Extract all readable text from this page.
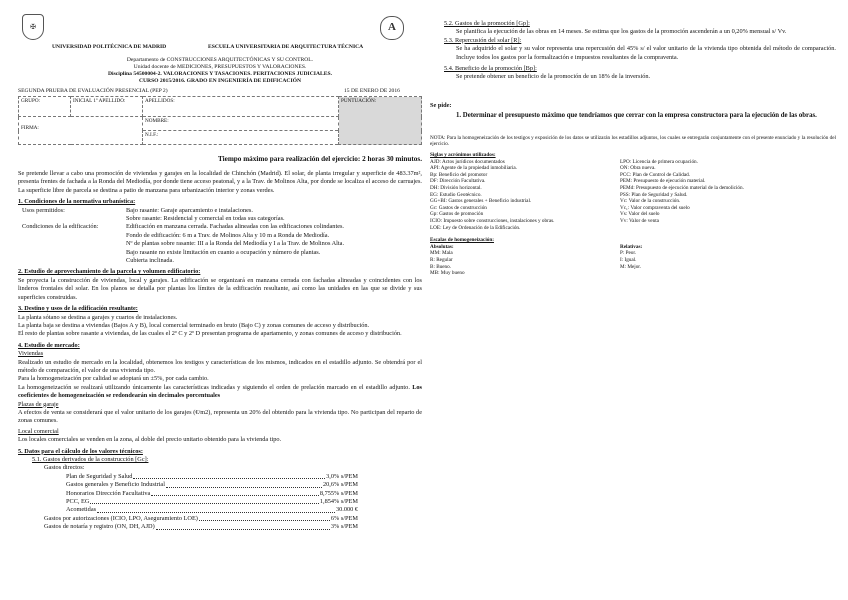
✠	A
UNIVERSIDAD POLITÉCNICA DE MADRID	ESCUELA UNIVERSITARIA DE ARQUITECTURA TÉCNICA
Departamento de CONSTRUCCIONES ARQUITECTÓNICAS Y SU CONTROL.
Unidad docente de MEDICIONES, PRESUPUESTOS Y VALORACIONES.
Disciplina 54500004-2. VALORACIONES Y TASACIONES. PERITACIONES JUDICIALES.
CURSO 2015/2016. GRADO EN INGENIERÍA DE EDIFICACIÓN
SEGUNDA PRUEBA DE EVALUACIÓN PRESENCIAL (PEP 2)	15 DE ENERO DE 2016
GRUPO:	INICIAL 1º APELLIDO:	APELLIDOS:	PUNTUACIÓN:

FIRMA:		NOMBRE:	
		N.I.F.:	
Tiempo máximo para realización del ejercicio: 2 horas 30 minutos.

Se pretende llevar a cabo una promoción de viviendas y garajes en la localidad de Chinchón (Madrid). El solar, de planta irregular y superficie de 483.37m², presenta frentes de fachada a la Ronda del Mediodía, por donde tiene acceso peatonal, y a la Trav. de Molinos Alta, por donde se localiza el acceso de carruajes. La superficie libre de parcela se destina a patio de manzana para urbanización interior y zonas verdes.

1. Condiciones de la normativa urbanística:

Usos permitidos:	Bajo rasante: Garaje aparcamiento e instalaciones.
Sobre rasante: Residencial y comercial en todas sus categorías.
Condiciones de la edificación:	Edificación en manzana cerrada. Fachadas alineadas con las edificaciones colindantes.
Fondo de edificación: 6 m a Trav. de Molinos Alta y 10 m a Ronda de Mediodía.
Nº de plantas sobre rasante: III a la Ronda del Mediodía y I a la Trav. de Molinos Alta.
Bajo rasante no existe limitación en cuanto a ocupación y número de plantas.
Cubierta inclinada.

2. Estudio de aprovechamiento de la parcela y volumen edificatorio:

Se proyecta la construcción de viviendas, local y garajes. La edificación se organizará en manzana cerrada con fachadas alineadas y coincidentes con los linderos frontales del solar. En los planos se detalla por plantas los límites de la edificación resultante, así como las unidades en las que se divide y sus superficies construidas.

3. Destino y usos de la edificación resultante:

La planta sótano se destina a garajes y cuartos de instalaciones.

La planta baja se destina a viviendas (Bajos A y B), local comercial terminado en bruto (Bajo C) y zonas comunes de acceso y distribución.

El resto de plantas sobre rasante a viviendas, de las cuales el 2º C y 2º D presentan programa de apartamento, y zonas comunes de acceso y distribución.

4. Estudio de mercado:

Viviendas

Realizado un estudio de mercado en la localidad, obtenemos los testigos y características de los mismos, indicados en el estadillo adjunto. Se obtendrá por el método de comparación, el valor de una vivienda tipo.

Para la homogeneización por calidad se adoptará un ±5%, por cada cambio.

La homogeneización se realizará utilizando únicamente las características indicadas y siguiendo el orden de prelación marcado en el estadillo adjunto. Los coeficientes de homogeneización se redondearán sin decimales porcentuales

Plazas de garaje

A efectos de venta se considerará que el valor unitario de los garajes (€/m2), representa un 20% del obtenido para la vivienda tipo. No participan del reparto de zonas comunes.

Local comercial

Los locales comerciales se venden en la zona, al doble del precio unitario obtenido para la vivienda tipo.

5. Datos para el cálculo de los valores técnicos:

5.1. Gastos derivados de la construcción [Gc]:

Gastos directos:

Plan de Seguridad y Salud	3,0% s/PEM
Gastos generales y Beneficio Industrial	20,6% s/PEM
Honorarios Dirección Facultativa	8,755% s/PEM
PCC, EG	1,854% s/PEM
Acometidas	30.000 €
Gastos por autorizaciones (ICIO, LPO, Aseguramiento LOE)	6% s/PEM
Gastos de notaría y registro (ON, DH, AJD)	3% s/PEM

5.2. Gastos de la promoción [Gp]:

Se planifica la ejecución de las obras en 14 meses. Se estima que los gastos de la promoción ascenderán a un 0,20% mensual s/ Vv.

5.3. Repercusión del solar [R]:

Se ha adquirido el solar y su valor representa una repercusión del 45% s/ el valor unitario de la vivienda tipo obtenida del método de comparación. Incluye todos los gastos por la formalización e impuestos resultantes de la compraventa.

5.4. Beneficio de la promoción [Bp]:

Se pretende obtener un beneficio de la promoción de un 18% de la inversión.

Se pide:

1. Determinar el presupuesto máximo que tendríamos que cerrar con la empresa constructora para la ejecución de las obras.

NOTA: Para la homogeneización de los testigos y exposición de los datos se utilizarán los estadillos adjuntos, los cuales se entregarán conjuntamente con el presente enunciado y la resolución del ejercicio.

Siglas y acrónimos utilizados:

AJD: Actos jurídicos documentados
API: Agente de la propiedad inmobiliaria.
Bp: Beneficio del promotor
DF: Dirección Facultativa.
DH: División horizontal.
EG: Estudio Geotécnico.
GG+BI: Gastos generales + Beneficio industrial.
Gc: Gastos de construcción
Gp: Gastos de promoción
ICIO: Impuesto sobre construcciones, instalaciones y obras.
LOE: Ley de Ordenación de la Edificación.
LPO: Licencia de primera ocupación.
ON: Obra nueva.
PCC: Plan de Control de Calidad.
PEM: Presupuesto de ejecución material.
PEMd: Presupuesto de ejecución material de la demolición.
PSS: Plan de Seguridad y Salud.
Vc: Valor de la construcción.
Vc₁: Valor compraventa del suelo
Vs: Valor del suelo
Vv: Valor de venta

Escalas de homogeneización:

Absolutas:
MM: Mala
R: Regular
B: Bueno.
MB: Muy bueno
Relativas:
P: Peor.
I: Igual.
M: Mejor.
